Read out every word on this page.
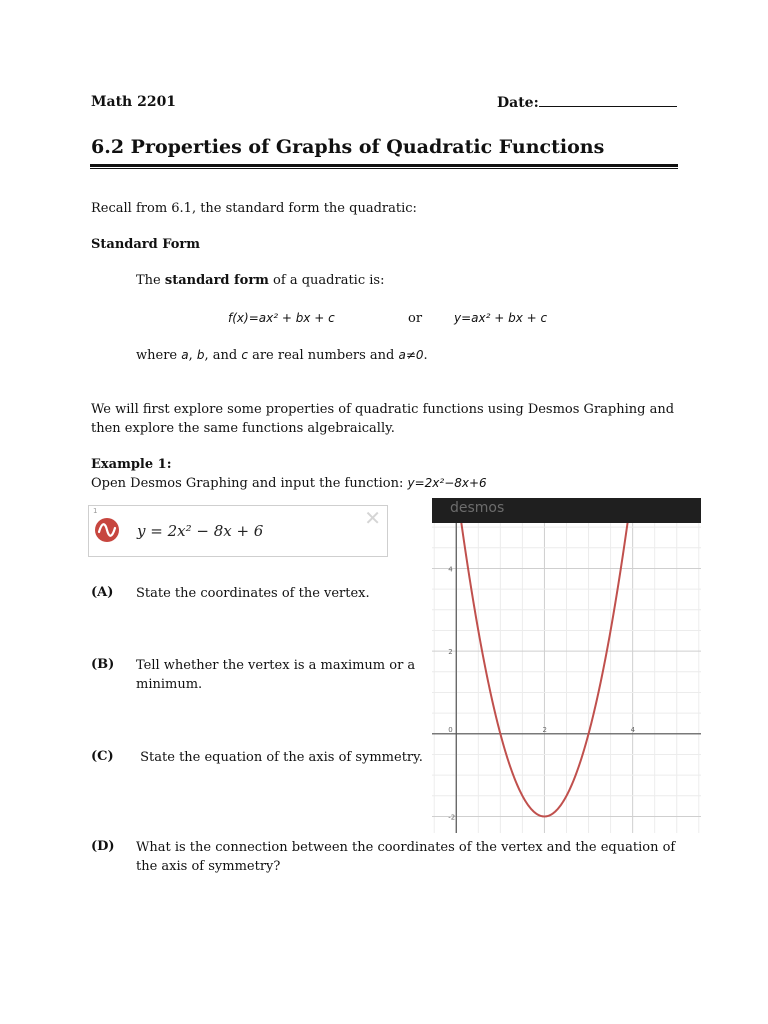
Math 2201	Date:
6.2 Properties of Graphs of Quadratic Functions
Recall from 6.1, the standard form the quadratic:
Standard Form
The standard form of a quadratic is:
f(x)=ax² + bx + c	or	y=ax² + bx + c
where a, b, and c are real numbers and a≠0.
We will first explore some properties of quadratic functions using Desmos Graphing and
then explore the same functions algebraically.
Example 1:
Open Desmos Graphing and input the function: y=2x²−8x+6
1
y = 2x² − 8x + 6
✕	desmos
2	4
4
2
-2
0
(A) State the coordinates of the vertex.
(B) Tell whether the vertex is a maximum or a
minimum.
(C) State the equation of the axis of symmetry.
(D) What is the connection between the coordinates of the vertex and the equation of
the axis of symmetry?
